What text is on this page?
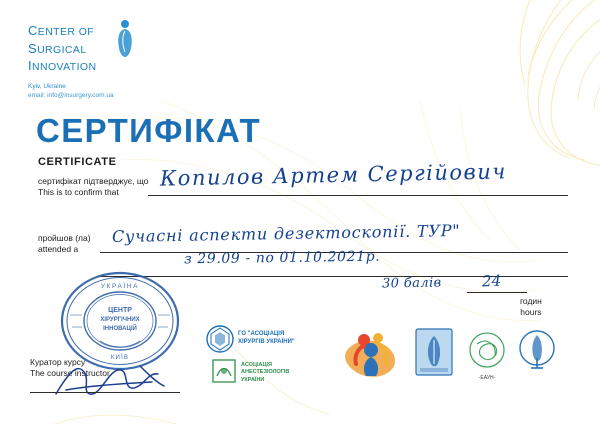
CENTER OF
SURGICAL
INNOVATION
Kyiv, Ukraine
email: info@insurgery.com.ua
СЕРТИФІКАТ
CERTIFICATE
сертифікат підтверджує, що
This is to confirm that
Копилов Артем Сергійович
пройшов (ла)
attended a
Сучасні аспекти дезектоскопії. ТУР"
з 29.09 - по 01.10.2021р.
30 балів	24
годин
hours
УКРАЇНА
ЦЕНТР
ХІРУРГІЧНИХ
ІННОВАЦІЙ
КИЇВ
Куратор курсу
The course instructor
ГО "АСОЦІАЦІЯ
ХІРУРГІВ УКРАЇНИ"
АСОЦІАЦІЯ
АНЕСТЕЗІОЛОГІВ
УКРАЇНИ	-ЕАУН-
